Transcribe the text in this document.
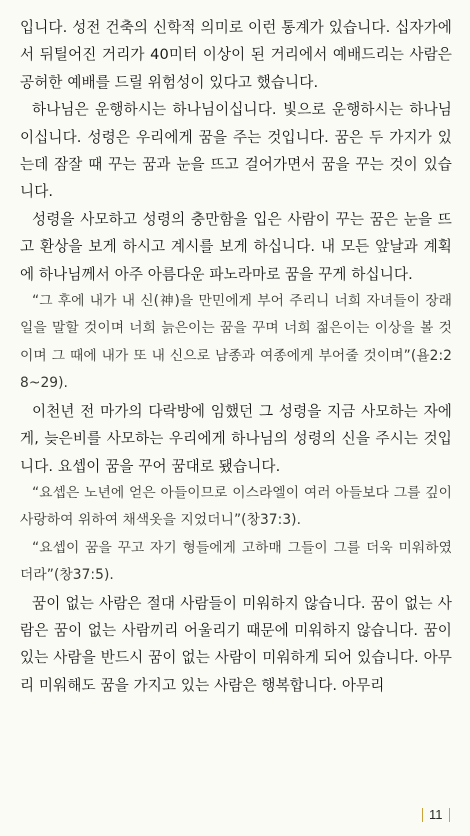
입니다. 성전 건축의 신학적 의미로 이런 통계가 있습니다. 십자가에서 뒤틸어진 거리가 40미터 이상이 된 거리에서 예배드리는 사람은 공허한 예배를 드릴 위험성이 있다고 했습니다.

하나님은 운행하시는 하나님이십니다. 빛으로 운행하시는 하나님이십니다. 성령은 우리에게 꿈을 주는 것입니다. 꿈은 두 가지가 있는데 잠잘 때 꾸는 꿈과 눈을 뜨고 걸어가면서 꿈을 꾸는 것이 있습니다.

성령을 사모하고 성령의 충만함을 입은 사람이 꾸는 꿈은 눈을 뜨고 환상을 보게 하시고 계시를 보게 하십니다. 내 모든 앞날과 계획에 하나님께서 아주 아름다운 파노라마로 꿈을 꾸게 하십니다.

“그 후에 내가 내 신(神)을 만민에게 부어 주리니 너희 자녀들이 장래 일을 말할 것이며 너희 늙은이는 꿈을 꾸며 너희 젊은이는 이상을 볼 것이며 그 때에 내가 또 내 신으로 남종과 여종에게 부어줄 것이며”(욜2:28~29).

이천년 전 마가의 다락방에 임했던 그 성령을 지금 사모하는 자에게, 늦은비를 사모하는 우리에게 하나님의 성령의 신을 주시는 것입니다. 요셉이 꿈을 꾸어 꿈대로 됐습니다.

“요셉은 노년에 얻은 아들이므로 이스라엘이 여러 아들보다 그를 깊이 사랑하여 위하여 채색옷을 지었더니”(창37:3).

“요셉이 꿈을 꾸고 자기 형들에게 고하매 그들이 그를 더욱 미워하였더라”(창37:5).

꿈이 없는 사람은 절대 사람들이 미워하지 않습니다. 꿈이 없는 사람은 꿈이 없는 사람끼리 어울리기 때문에 미워하지 않습니다. 꿈이 있는 사람을 반드시 꿈이 없는 사람이 미워하게 되어 있습니다. 아무리 미워해도 꿈을 가지고 있는 사람은 행복합니다. 아무리

11
